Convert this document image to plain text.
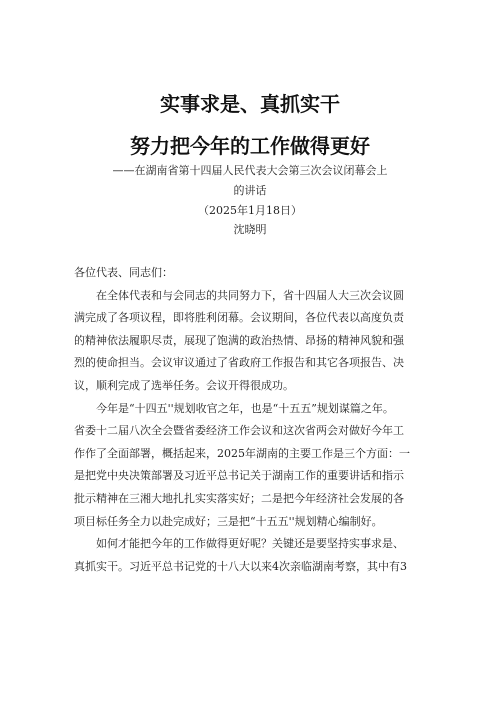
实事求是、真抓实干
努力把今年的工作做得更好
——在湖南省第十四届人民代表大会第三次会议闭幕会上
的讲话
（2025年1月18日）
沈晓明

各位代表、同志们：

在全体代表和与会同志的共同努力下，省十四届人大三次会议圆
满完成了各项议程，即将胜利闭幕。会议期间，各位代表以高度负责
的精神依法履职尽责，展现了饱满的政治热情、昂扬的精神风貌和强
烈的使命担当。会议审议通过了省政府工作报告和其它各项报告、决
议，顺利完成了选举任务。会议开得很成功。

今年是“十四五''规划收官之年，也是“十五五”规划谋篇之年。
省委十二届八次全会暨省委经济工作会议和这次省两会对做好今年工
作作了全面部署，概括起来，2025年湖南的主要工作是三个方面：一
是把党中央决策部署及习近平总书记关于湖南工作的重要讲话和指示
批示精神在三湘大地扎扎实实落实好；二是把今年经济社会发展的各
项目标任务全力以赴完成好；三是把“十五五''规划精心编制好。

如何才能把今年的工作做得更好呢？关键还是要坚持实事求是、
真抓实干。习近平总书记党的十八大以来4次亲临湖南考察，其中有3
